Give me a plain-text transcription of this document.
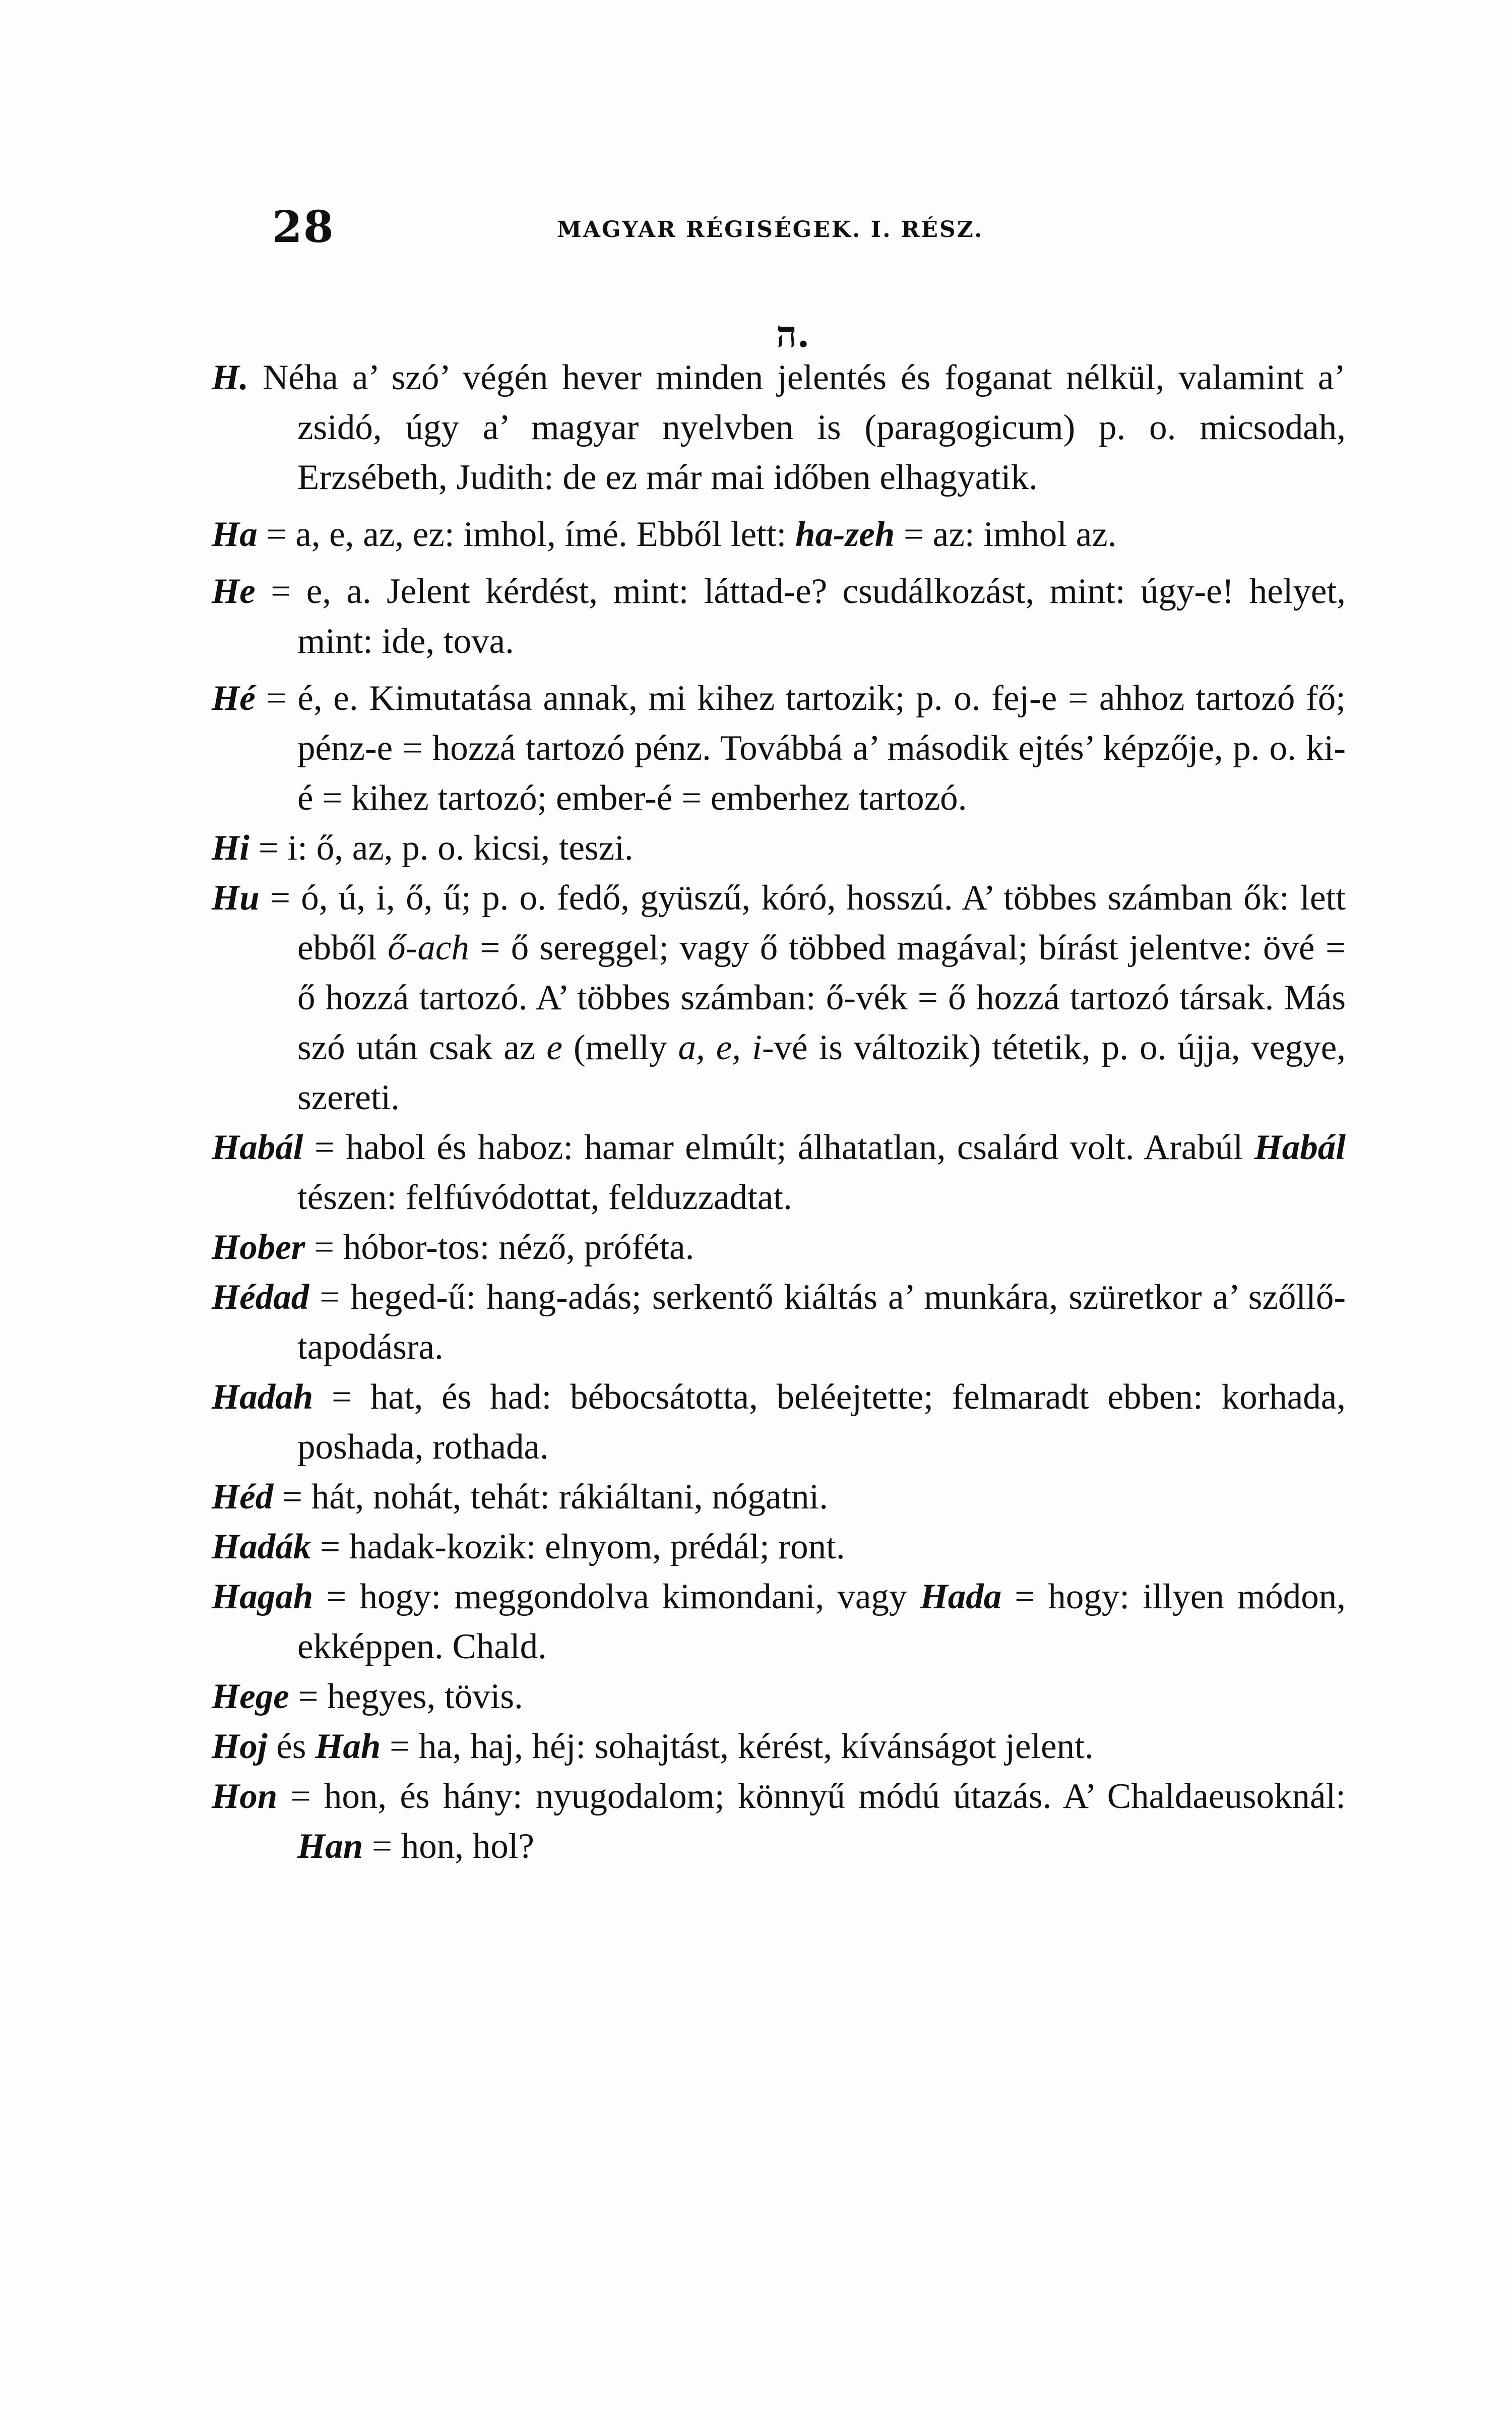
28	MAGYAR RÉGISÉGEK. I. RÉSZ.
ה.

H. Néha a’ szó’ végén hever minden jelentés és foganat nélkül, valamint a’ zsidó, úgy a’ magyar nyelvben is (paragogicum) p. o. micsodah, Erzsébeth, Judith: de ez már mai időben elhagyatik.

Ha = a, e, az, ez: imhol, ímé. Ebből lett: ha-zeh = az: imhol az.

He = e, a. Jelent kérdést, mint: láttad-e? csudálkozást, mint: úgy-e! helyet, mint: ide, tova.

Hé = é, e. Kimutatása annak, mi kihez tartozik; p. o. fej-e = ahhoz tartozó fő; pénz-e = hozzá tartozó pénz. Továbbá a’ második ejtés’ képzője, p. o. ki-é = kihez tartozó; ember-é = emberhez tartozó.

Hi = i: ő, az, p. o. kicsi, teszi.

Hu = ó, ú, i, ő, ű; p. o. fedő, gyüszű, kóró, hosszú. A’ többes számban ők: lett ebből ő-ach = ő sereggel; vagy ő többed magával; bírást jelentve: övé = ő hozzá tartozó. A’ többes számban: ő-vék = ő hozzá tartozó társak. Más szó után csak az e (melly a, e, i-vé is változik) tétetik, p. o. újja, vegye, szereti.

Habál = habol és haboz: hamar elmúlt; álhatatlan, csalárd volt. Arabúl Habál tészen: felfúvódottat, felduzzadtat.

Hober = hóbor-tos: néző, próféta.

Hédad = heged-ű: hang-adás; serkentő kiáltás a’ munkára, szüretkor a’ szőllő-tapodásra.

Hadah = hat, és had: bébocsátotta, beléejtette; felmaradt ebben: korhada, poshada, rothada.

Héd = hát, nohát, tehát: rákiáltani, nógatni.

Hadák = hadak-kozik: elnyom, prédál; ront.

Hagah = hogy: meggondolva kimondani, vagy Hada = hogy: illyen módon, ekképpen. Chald.

Hege = hegyes, tövis.

Hoj és Hah = ha, haj, héj: sohajtást, kérést, kívánságot jelent.

Hon = hon, és hány: nyugodalom; könnyű módú útazás. A’ Chaldaeusoknál: Han = hon, hol?
